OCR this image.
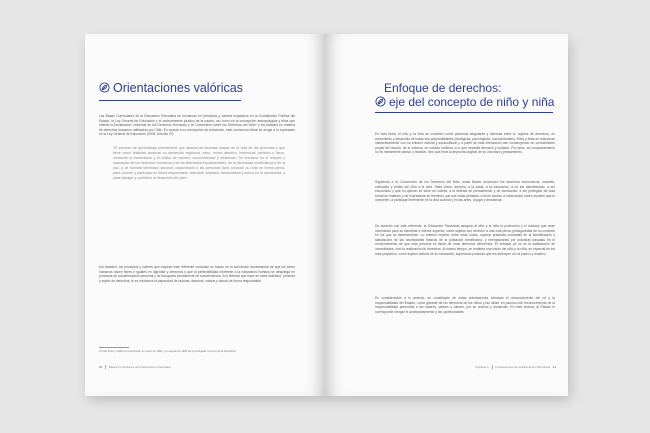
Orientaciones valóricas

Las Bases Curriculares de la Educación Parvularia se enmarcan en principios y valores inspirados en la Constitución Política del Estado, la Ley General de Educación y el ordenamiento jurídico de la nación, así como en la concepción antropológica y ética que orienta la Declaración Universal de los Derechos Humanos y la Convención sobre los Derechos del Niño⁹ y los tratados en materia de derechos humanos ratificados por Chile. En cuanto a su concepción de educación, este currículum oficial se acoge a lo expresado en la Ley General de Educación (2009, Artículo 2º):

"El proceso de aprendizaje permanente que abarca las distintas etapas de la vida de las personas y que tiene como finalidad alcanzar su desarrollo espiritual, ético, moral, afectivo, intelectual, artístico y físico, mediante la transmisión y el cultivo de valores, conocimientos y destrezas. Se enmarca en el respeto y valoración de los derechos humanos y de las libertades fundamentales, de la diversidad multicultural y de la paz, y de nuestra identidad nacional, capacitando a las personas para conducir su vida en forma plena, para convivir y participar en forma responsable, tolerante, solidaria, democrática y activa en la comunidad, y para trabajar y contribuir al desarrollo del país".

Así también, los principios y valores que inspiran este referente curricular se basan en la convicción fundamental de que los seres humanos nacen libres e iguales en dignidad y derechos y que la perfectibilidad inherente a la naturaleza humana se despliega en procesos de autoafirmación personal y de búsqueda permanente de trascendencia. A la libertad que hace de cada individuo, persona y sujeto de derechos, le es intrínseca la capacidad de razonar, discernir, valorar y actuar de forma responsable.

9 Chile firmó y ratificó la Convención en enero de 1990, y en agosto de 1990 fue promulgada como ley de la República.
20 Bases Curriculares de la Educación Parvularia
Enfoque de derechos:
eje del concepto de niño y niña

En esta línea, el niño y la niña se conciben como personas singulares y diversas entre sí, sujetos de derechos, en crecimiento y desarrollo de todas sus potencialidades (biológicas, psicológicas, socioculturales). Ellos y ellas se relacionan interactivamente con su entorno natural y sociocultural y a partir de esta interacción van construyendo un conocimiento propio del mundo, de sí mismos, en cambio continuo a lo que necesita atención y cuidado. Por tanto, su comportamiento no es meramente pasivo o reactivo, sino que lleva la impronta original de su voluntad y pensamiento.

Siguiendo a la Convención de los Derechos del Niño, estas Bases reconocen los derechos económicos, sociales, culturales y civiles del niño y la niña. Tales como: derecho a la salud, a la educación, a no ser discriminado, a ser escuchado y que su opinión se tome en cuenta, a la libertad de pensamiento y de asociación, a ser protegido de toda forma de maltrato y de expresarse en términos que sus vidas privadas, a tener acceso a información sobre asuntos que le competen, a participar libremente en la vida cultural y en las artes, a jugar y descansar.

De acuerdo con este referente, la Educación Parvularia asegura al niño y la niña la protección y el cuidado que sean necesarios para su bienestar e interés superior, como sujetos con derecho a una vida plena, protagonistas de su contexto en los que se desenvuelven. Lo anterior implica, entre otras cosas, superar prácticas centradas en la identificación y satisfacción de las necesidades básicas de la población beneficiaria, y reemplazarlas por prácticas basadas en el reconocimiento de que toda persona es titular de unos derechos inherentes. El enfoque ya no es la satisfacción de necesidades, sino la realización de derechos. Al mismo tiempo, se reafirma una visión del niño y la niña, en especial de los más pequeños, como sujetos activos de su educación, superando posturas que les atribuyen un rol pasivo y reactivo.

En consideración a lo anterior, se constituyen de estas orientaciones valóricas el reconocimiento del rol y la responsabilidad del Estado, como garante de los derechos de los niños y las niñas, en parcuco del reconocimiento de la responsabilidad primordial a las madres, padres o tutores, por su crianza y desarrollo. En esta lectura, al Estado le corresponde otorgar el acompañamiento y las oportunidades

Capítulo 1 Fundamentos de la Educación Parvularia 21
